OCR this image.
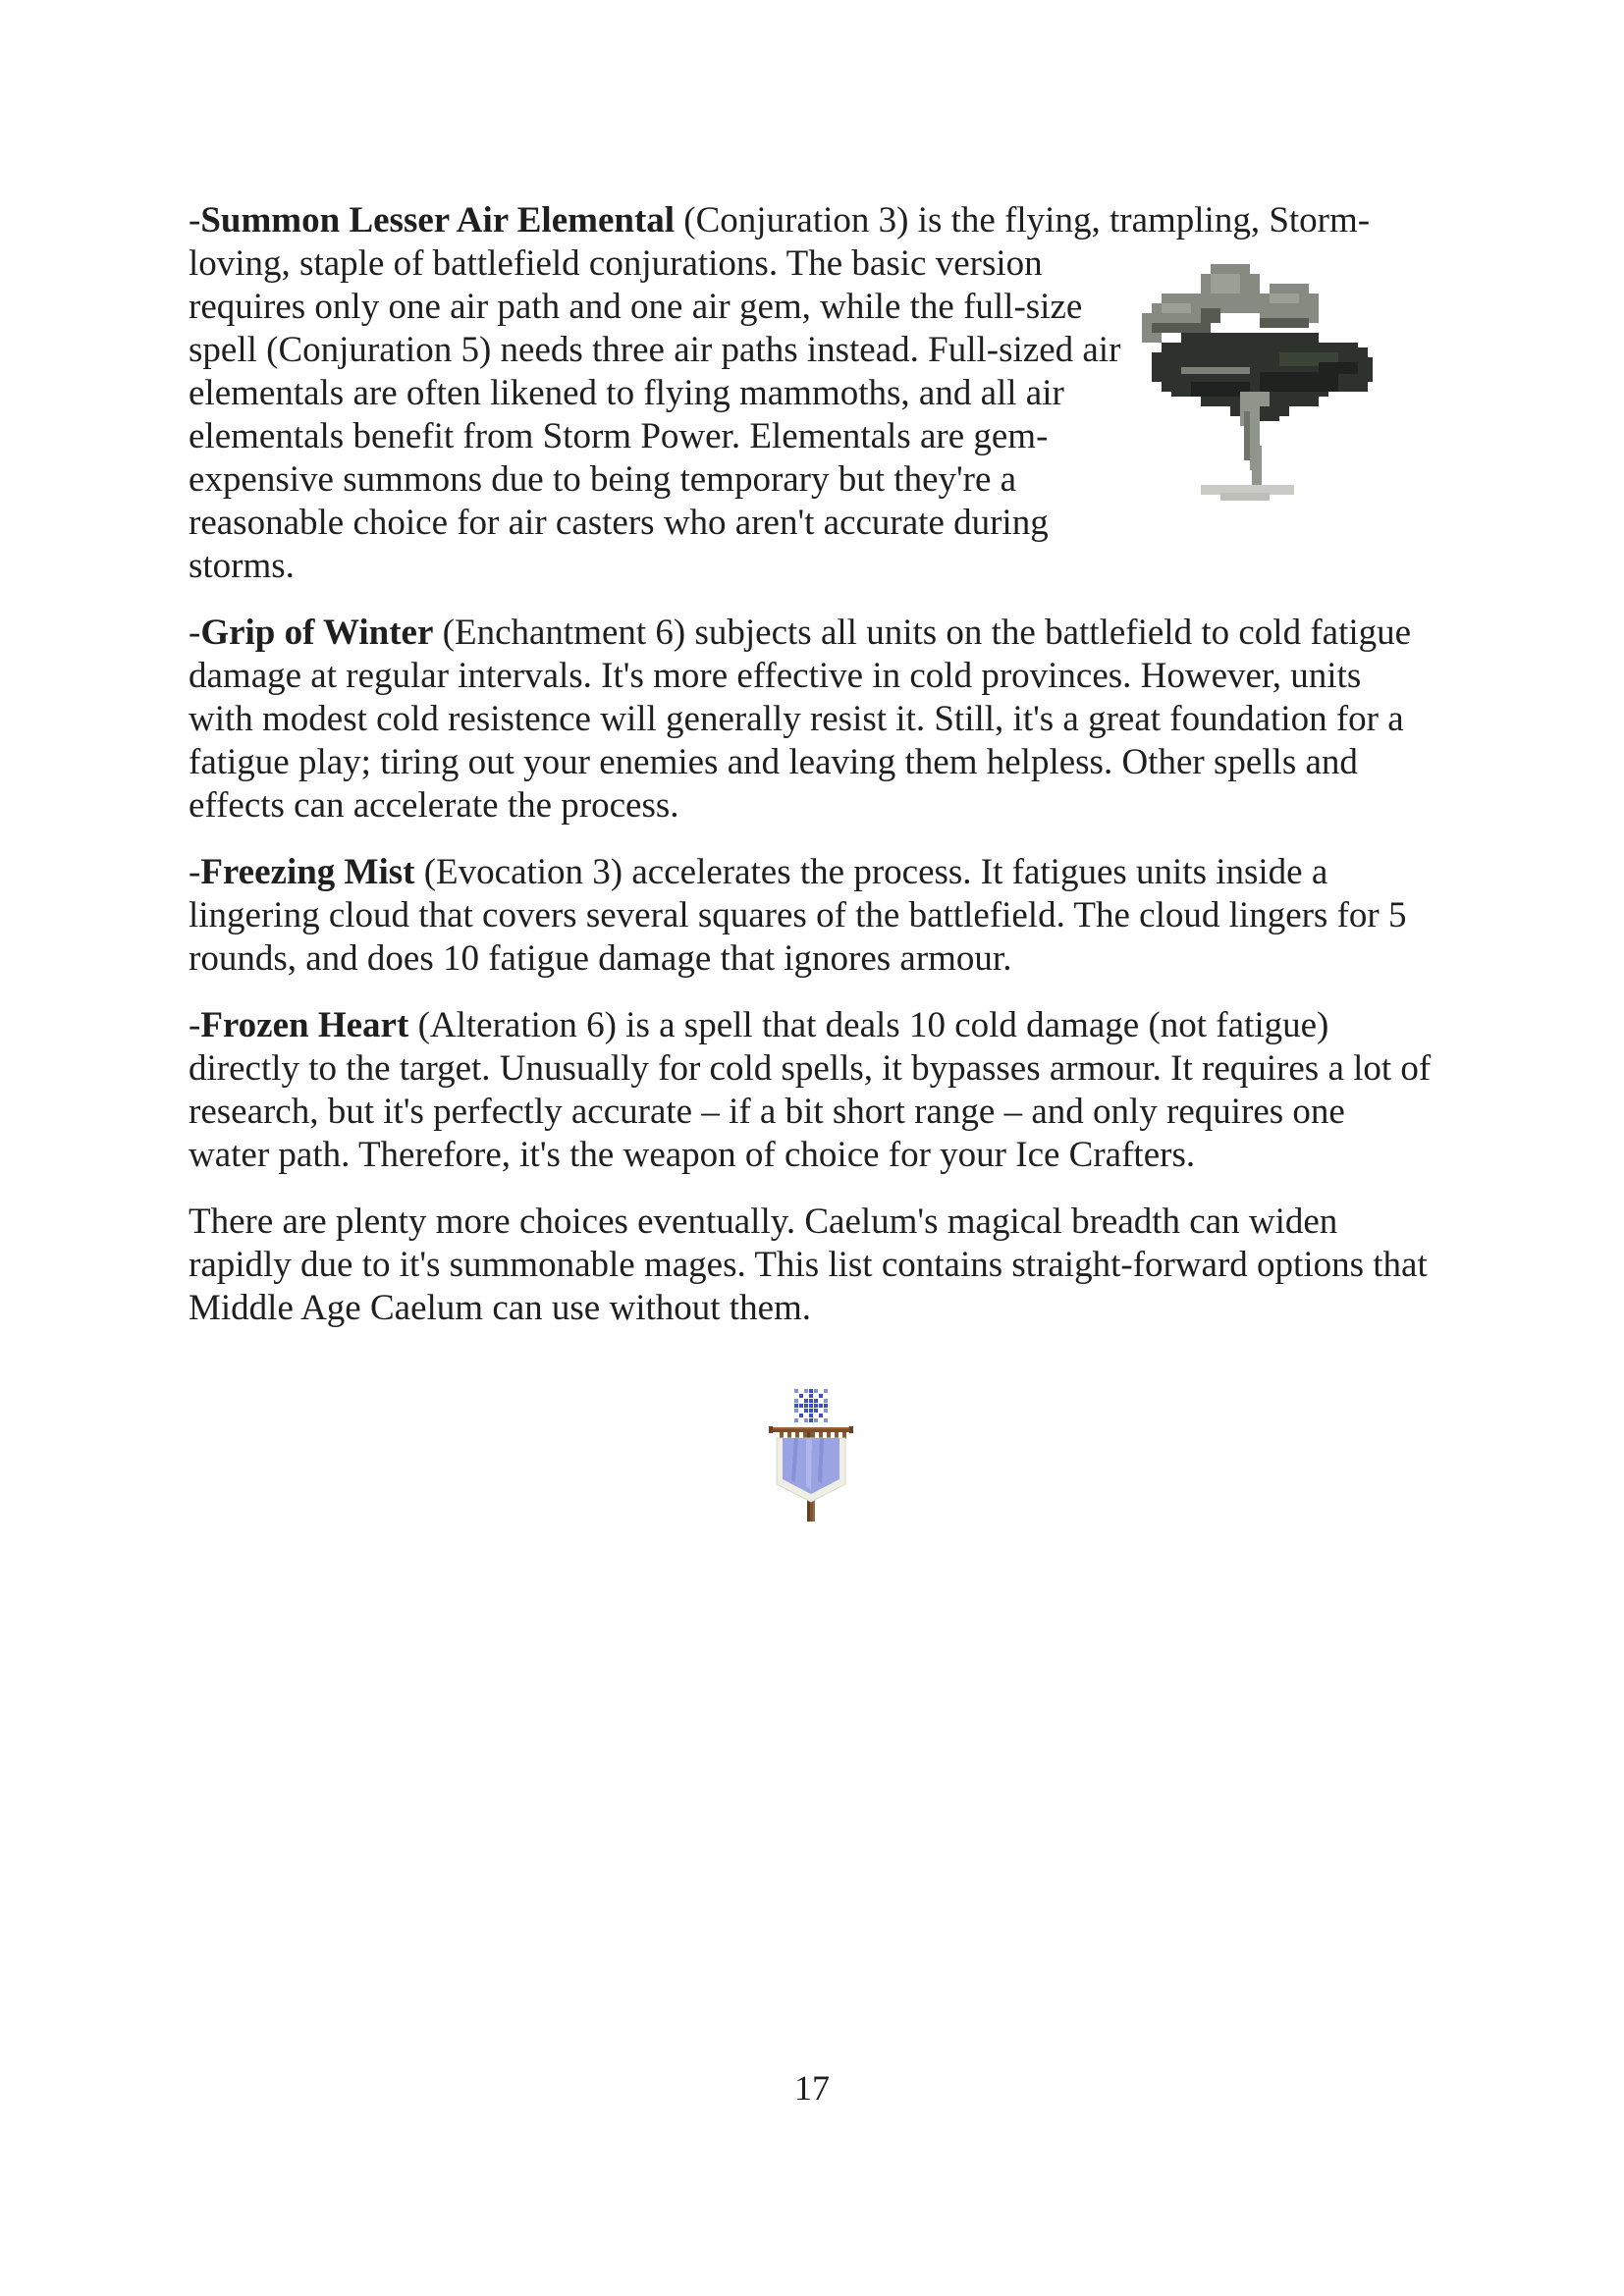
-Summon Lesser Air Elemental (Conjuration 3) is the flying, trampling, Storm-loving, staple of battlefield conjurations. The basic version requires only one air path and one air gem, while the full-size spell (Conjuration 5) needs three air paths instead. Full-sized air elementals are often likened to flying mammoths, and all air elementals benefit from Storm Power. Elementals are gem-expensive summons due to being temporary but they're a reasonable choice for air casters who aren't accurate during storms.

-Grip of Winter (Enchantment 6) subjects all units on the battlefield to cold fatigue damage at regular intervals. It's more effective in cold provinces. However, units with modest cold resistence will generally resist it. Still, it's a great foundation for a fatigue play; tiring out your enemies and leaving them helpless. Other spells and effects can accelerate the process.

-Freezing Mist (Evocation 3) accelerates the process. It fatigues units inside a lingering cloud that covers several squares of the battlefield. The cloud lingers for 5 rounds, and does 10 fatigue damage that ignores armour.

-Frozen Heart (Alteration 6) is a spell that deals 10 cold damage (not fatigue) directly to the target. Unusually for cold spells, it bypasses armour. It requires a lot of research, but it's perfectly accurate – if a bit short range – and only requires one water path. Therefore, it's the weapon of choice for your Ice Crafters.

There are plenty more choices eventually. Caelum's magical breadth can widen rapidly due to it's summonable mages. This list contains straight-forward options that Middle Age Caelum can use without them.

17
